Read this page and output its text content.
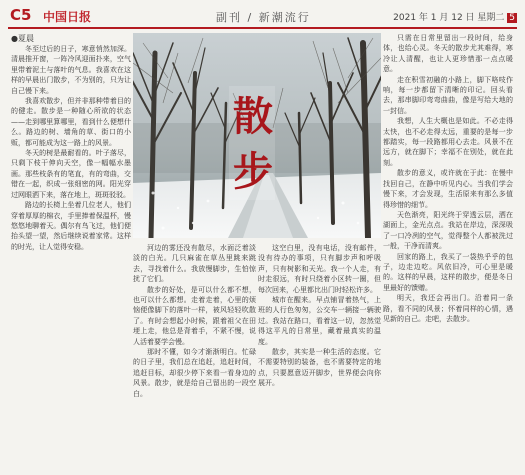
C5 中国日报	副刊 / 新潮流行	2021 年 1 月 12 日 星期二 5
●夏晨

冬至过后的日子，寒意悄然加深。清晨推开窗，一阵冷风迎面扑来，空气里带着泥土与落叶的气息。我喜欢在这样的早晨出门散步，不为别的，只为让自己慢下来。

我喜欢散步，但并非那种带着目的的健走。散步是一种随心所欲的状态——走到哪里算哪里，看到什么便想什么。路边的树、墙角的草、街口的小贩，都可能成为这一路上的风景。

冬天的树是最耐看的。叶子落尽，只剩下枝干伸向天空，像一幅幅水墨画。那些枝条有的笔直，有的弯曲，交错在一起，织成一张细密的网。阳光穿过网眼洒下来，落在地上，斑斑驳驳。

路边的长椅上坐着几位老人，他们穿着厚厚的棉衣，手里捧着保温杯，慢悠悠地聊着天。偶尔有鸟飞过，他们便抬头望一望，然后继续说着家常。这样的时光，让人觉得安稳。

散
步

河边的雾还没有散尽，水面泛着淡淡的白光。几只麻雀在草丛里跳来跳去，寻找着什么。我放慢脚步，生怕惊扰了它们。

散步的好处，是可以什么都不想，也可以什么都想。走着走着，心里的烦恼便像脚下的落叶一样，被风轻轻吹散了。有时会想起小时候，跟着祖父在田埂上走，他总是背着手，不紧不慢，说人活着要学会慢。

那时不懂，如今才渐渐明白。忙碌的日子里，我们总在追赶，追赶时间，追赶目标，却很少停下来看一看身边的风景。散步，就是给自己留出的一段空白。

这空白里，没有电话，没有邮件，没有待办的事项，只有脚步声和呼吸声，只有树影和天光。我一个人走，有时走很远，有时只绕着小区转一圈，但每次回来，心里都比出门时轻松许多。

城市在醒来。早点铺冒着热气，上班的人行色匆匆，公交车一辆接一辆驶过。我站在路口，看着这一切，忽然觉得这平凡的日常里，藏着最真实的温度。

散步，其实是一种生活的态度。它不需要特别的装备，也不需要特定的地点，只要愿意迈开脚步，世界便会向你展开。

只需在日常里留出一段时间，给身体，也给心灵。冬天的散步尤其难得，寒冷让人清醒，也让人更珍惜那一点点暖意。

走在积雪初融的小路上，脚下咯吱作响，每一步都留下清晰的印记。回头看去，那串脚印弯弯曲曲，像是写给大地的一封信。

我想，人生大概也是如此。不必走得太快，也不必走得太远，重要的是每一步都踏实，每一段路都用心去走。风景不在远方，就在脚下；幸福不在别处，就在此刻。

散步的意义，或许就在于此：在慢中找回自己，在静中听见内心。当我们学会慢下来，才会发现，生活原来有那么多值得珍惜的细节。

天色渐亮，阳光终于穿透云层，洒在湖面上，金光点点。我站在岸边，深深吸了一口冷冽的空气，觉得整个人都被洗过一般，干净而清爽。

回家的路上，我买了一袋热乎乎的包子，边走边吃。风依旧冷，可心里是暖的。这样的早晨，这样的散步，便是冬日里最好的馈赠。

明天，我还会再出门。沿着同一条路，看不同的风景；怀着同样的心情，遇见新的自己。走吧，去散步。
